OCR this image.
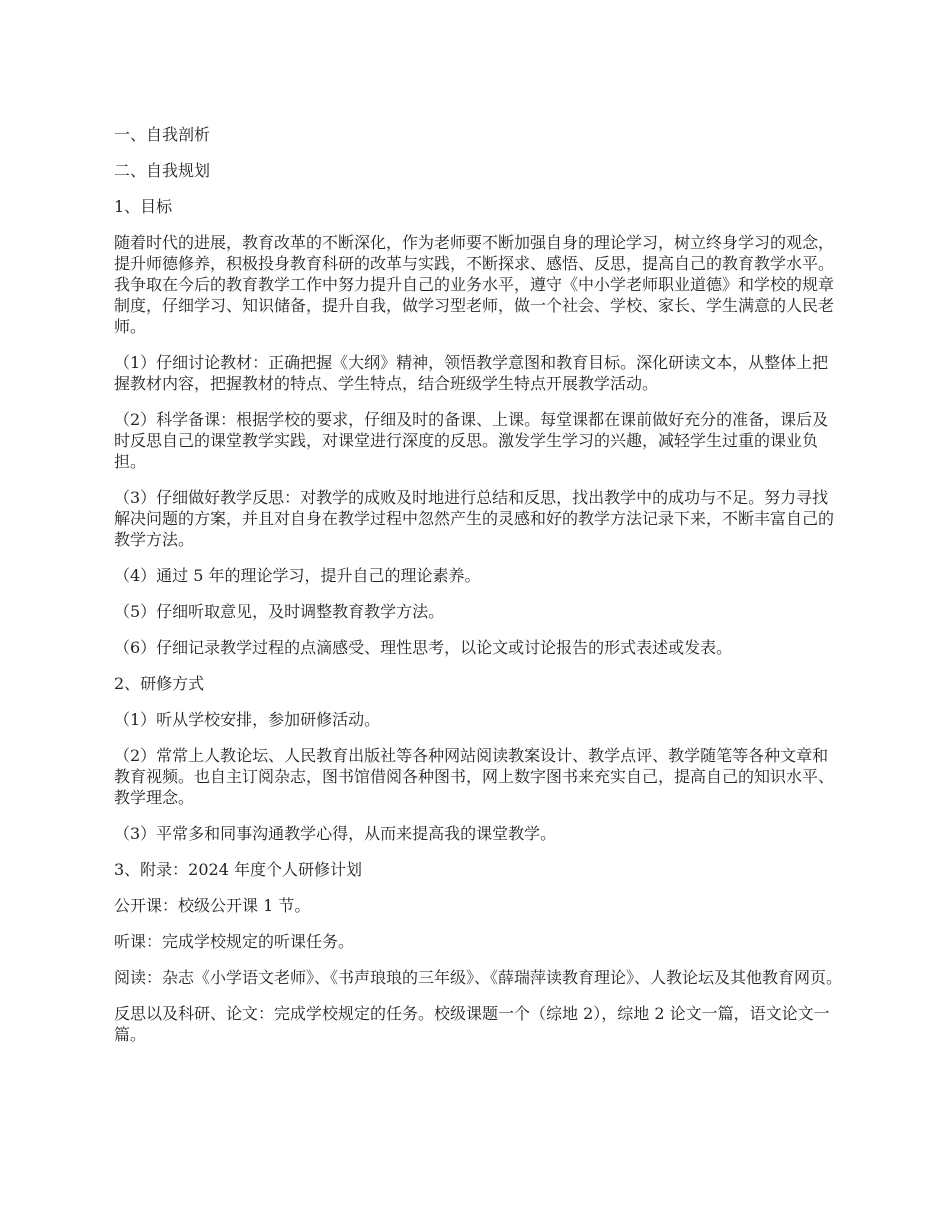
一、自我剖析

二、自我规划

1、目标

随着时代的进展，教育改革的不断深化，作为老师要不断加强自身的理论学习，树立终身学习的观念，提升师德修养，积极投身教育科研的改革与实践，不断探求、感悟、反思，提高自己的教育教学水平。我争取在今后的教育教学工作中努力提升自己的业务水平，遵守《中小学老师职业道德》和学校的规章制度，仔细学习、知识储备，提升自我，做学习型老师，做一个社会、学校、家长、学生满意的人民老师。

（1）仔细讨论教材：正确把握《大纲》精神，领悟教学意图和教育目标。深化研读文本，从整体上把握教材内容，把握教材的特点、学生特点，结合班级学生特点开展教学活动。

（2）科学备课：根据学校的要求，仔细及时的备课、上课。每堂课都在课前做好充分的准备，课后及时反思自己的课堂教学实践，对课堂进行深度的反思。激发学生学习的兴趣，减轻学生过重的课业负担。

（3）仔细做好教学反思：对教学的成败及时地进行总结和反思，找出教学中的成功与不足。努力寻找解决问题的方案，并且对自身在教学过程中忽然产生的灵感和好的教学方法记录下来，不断丰富自己的教学方法。

（4）通过 5 年的理论学习，提升自己的理论素养。

（5）仔细听取意见，及时调整教育教学方法。

（6）仔细记录教学过程的点滴感受、理性思考，以论文或讨论报告的形式表述或发表。

2、研修方式

（1）听从学校安排，参加研修活动。

（2）常常上人教论坛、人民教育出版社等各种网站阅读教案设计、教学点评、教学随笔等各种文章和教育视频。也自主订阅杂志，图书馆借阅各种图书，网上数字图书来充实自己，提高自己的知识水平、教学理念。

（3）平常多和同事沟通教学心得，从而来提高我的课堂教学。

3、附录：2024 年度个人研修计划

公开课：校级公开课 1 节。

听课：完成学校规定的听课任务。

阅读：杂志《小学语文老师》、《书声琅琅的三年级》、《薛瑞萍读教育理论》、人教论坛及其他教育网页。

反思以及科研、论文：完成学校规定的任务。校级课题一个（综地 2），综地 2 论文一篇，语文论文一篇。
